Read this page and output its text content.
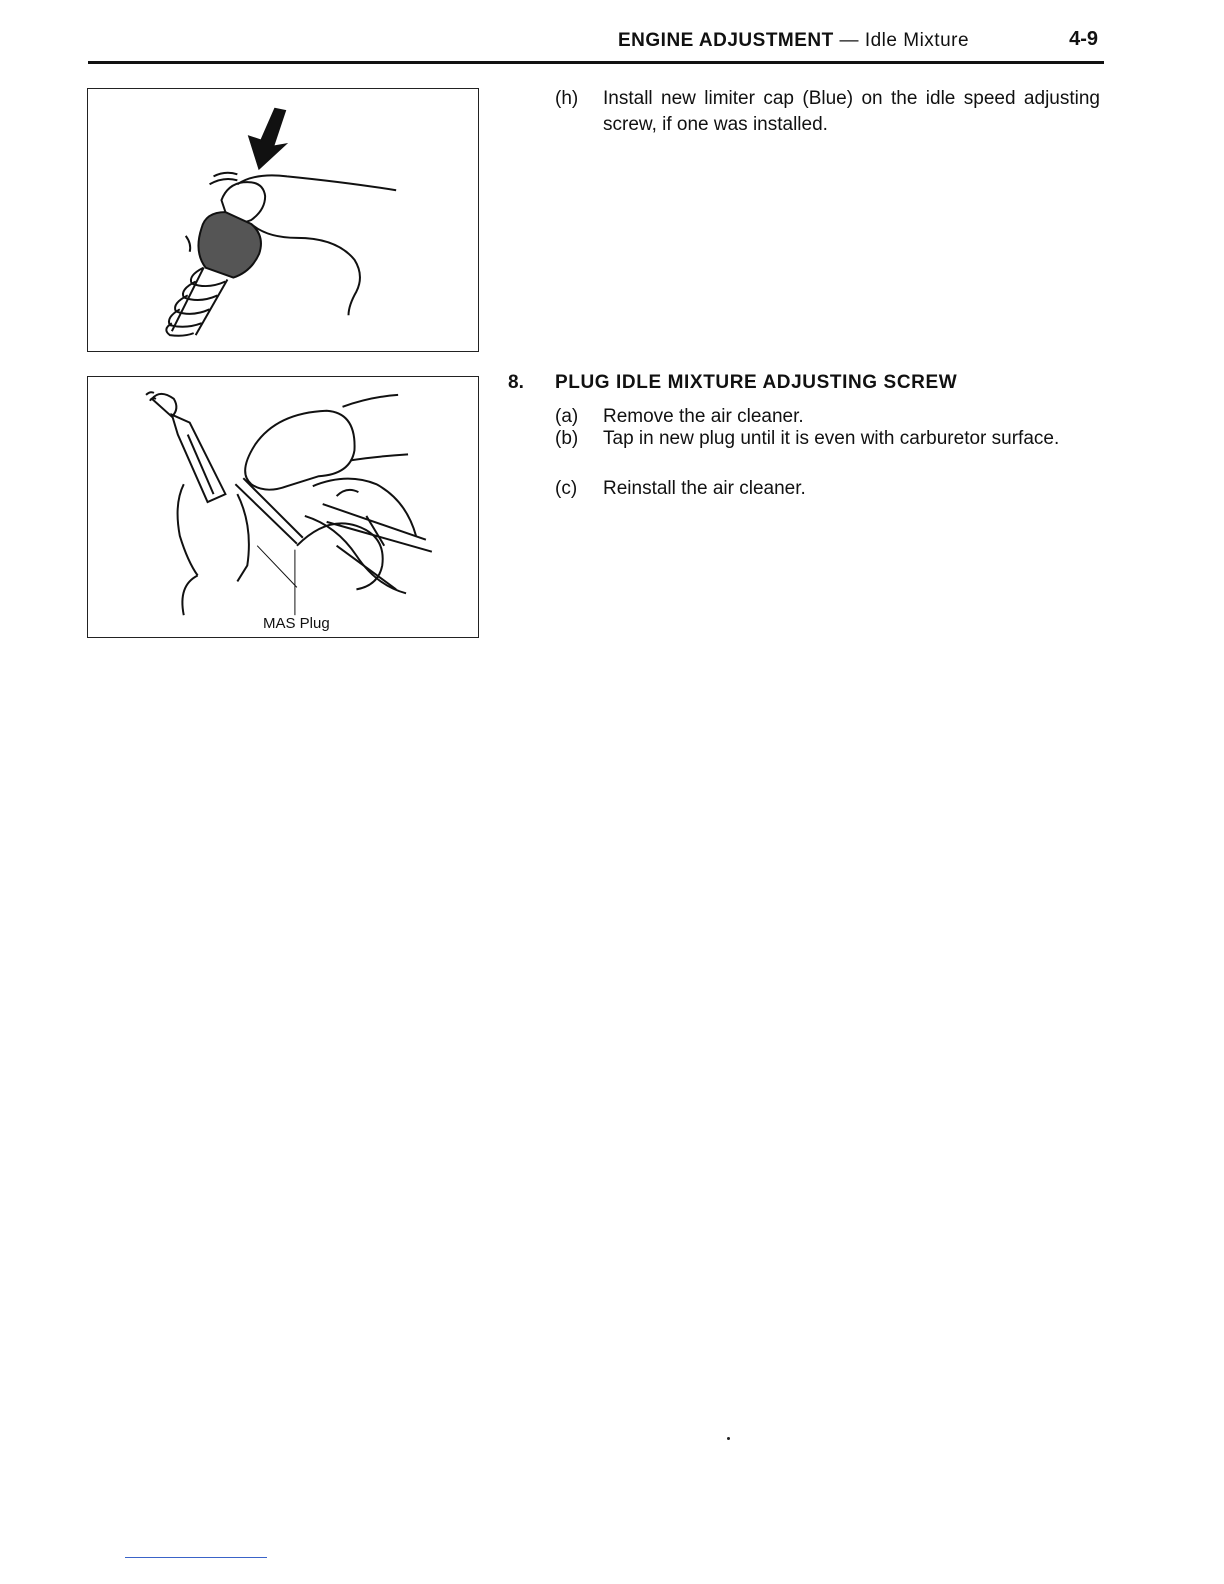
ENGINE ADJUSTMENT — Idle Mixture	4-9
MAS Plug
(h) Install new limiter cap (Blue) on the idle speed adjusting screw, if one was installed.
8. PLUG IDLE MIXTURE ADJUSTING SCREW
(a) Remove the air cleaner.
(b) Tap in new plug until it is even with carburetor surface.
(c) Reinstall the air cleaner.
